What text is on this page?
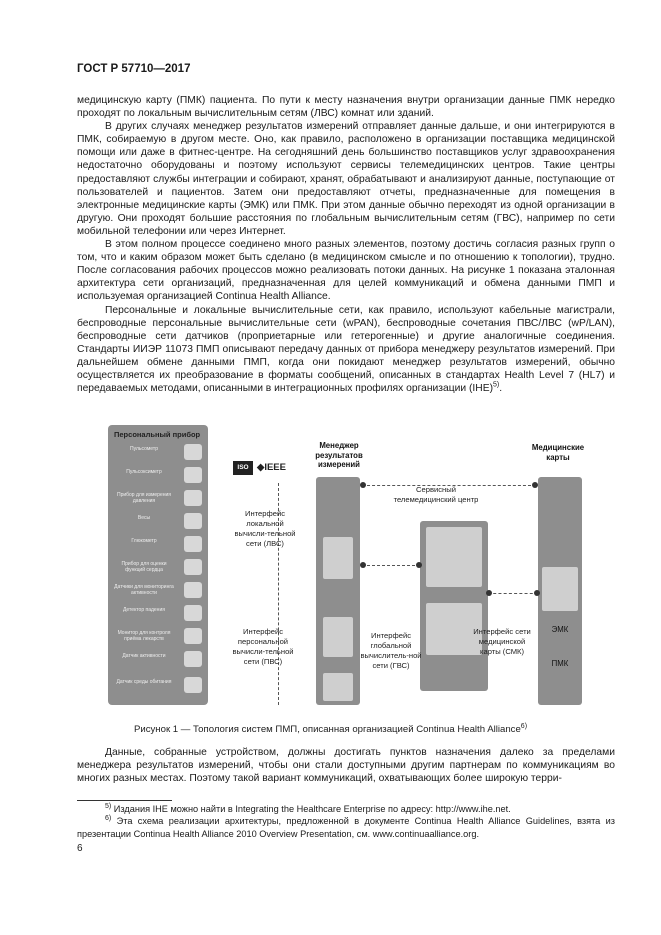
ГОСТ Р 57710—2017

медицинскую карту (ПМК) пациента. По пути к месту назначения внутри организации данные ПМК нередко проходят по локальным вычислительным сетям (ЛВС) комнат или зданий.

В других случаях менеджер результатов измерений отправляет данные дальше, и они интегрируются в ПМК, собираемую в другом месте. Оно, как правило, расположено в организации поставщика медицинской помощи или даже в фитнес-центре. На сегодняшний день большинство поставщиков услуг здравоохранения недостаточно оборудованы и поэтому используют сервисы телемедицинских центров. Такие центры предоставляют службы интеграции и собирают, хранят, обрабатывают и анализируют данные, поступающие от пользователей и пациентов. Затем они предоставляют отчеты, предназначенные для помещения в электронные медицинские карты (ЭМК) или ПМК. При этом данные обычно переходят из одной организации в другую. Они проходят большие расстояния по глобальным вычислительным сетям (ГВС), например по сети мобильной телефонии или через Интернет.

В этом полном процессе соединено много разных элементов, поэтому достичь согласия разных групп о том, что и каким образом может быть сделано (в медицинском смысле и по отношению к топологии), трудно. После согласования рабочих процессов можно реализовать потоки данных. На рисунке 1 показана эталонная архитектура сети организаций, предназначенная для целей коммуникаций и обмена данными ПМП и используемая организацией Continua Health Alliance.

Персональные и локальные вычислительные сети, как правило, используют кабельные магистрали, беспроводные персональные вычислительные сети (wPAN), беспроводные сочетания ПВС/ЛВС (wP/LAN), беспроводные сети датчиков (проприетарные или гетерогенные) и другие аналогичные соединения. Стандарты ИИЭР 11073 ПМП описывают передачу данных от прибора менеджеру результатов измерений. При дальнейшем обмене данными ПМП, когда они покидают менеджер результатов измерений, обычно осуществляется их преобразование в форматы сообщений, описанных в стандартах Health Level 7 (HL7) и передаваемых методами, описанными в интеграционных профилях организации (IHE)$^{5)}$.

Персональный прибор
Пульсометр
Пульсоксиметр
Прибор для измерения давления
Весы
Глюкометр
Прибор для оценки функций сердца
Датчики для мониторинга активности
Детектор падения
Монитор для контроля приёма лекарств
Датчик активности
Датчик среды обитания
ISO ◆IEEE
Интерфейс локальной вычисли-тельной сети (ЛВС)
Интерфейс персональной вычисли-тельной сети (ПВС)
Менеджер результатов измерений
Медицинские карты
ЭМК
ПМК
Сервисный телемедицинский центр
Интерфейс глобальной вычислитель-ной сети (ГВС)
Интерфейс сети медицинской карты (СМК)
Рисунок 1 — Топология систем ПМП, описанная организацией Continua Health Alliance$^{6)}$

Данные, собранные устройством, должны достигать пунктов назначения далеко за пределами менеджера результатов измерений, чтобы они стали доступными другим партнерам по коммуникациям во многих разных местах. Поэтому такой вариант коммуникаций, охватывающих более широкую терри-

$^{5)}$ Издания IHE можно найти в Integrating the Healthcare Enterprise по адресу: http://www.ihe.net.

$^{6)}$ Эта схема реализации архитектуры, предложенной в документе Continua Health Alliance Guidelines, взята из презентации Continua Health Alliance 2010 Overview Presentation, см. www.continuaalliance.org.

6
